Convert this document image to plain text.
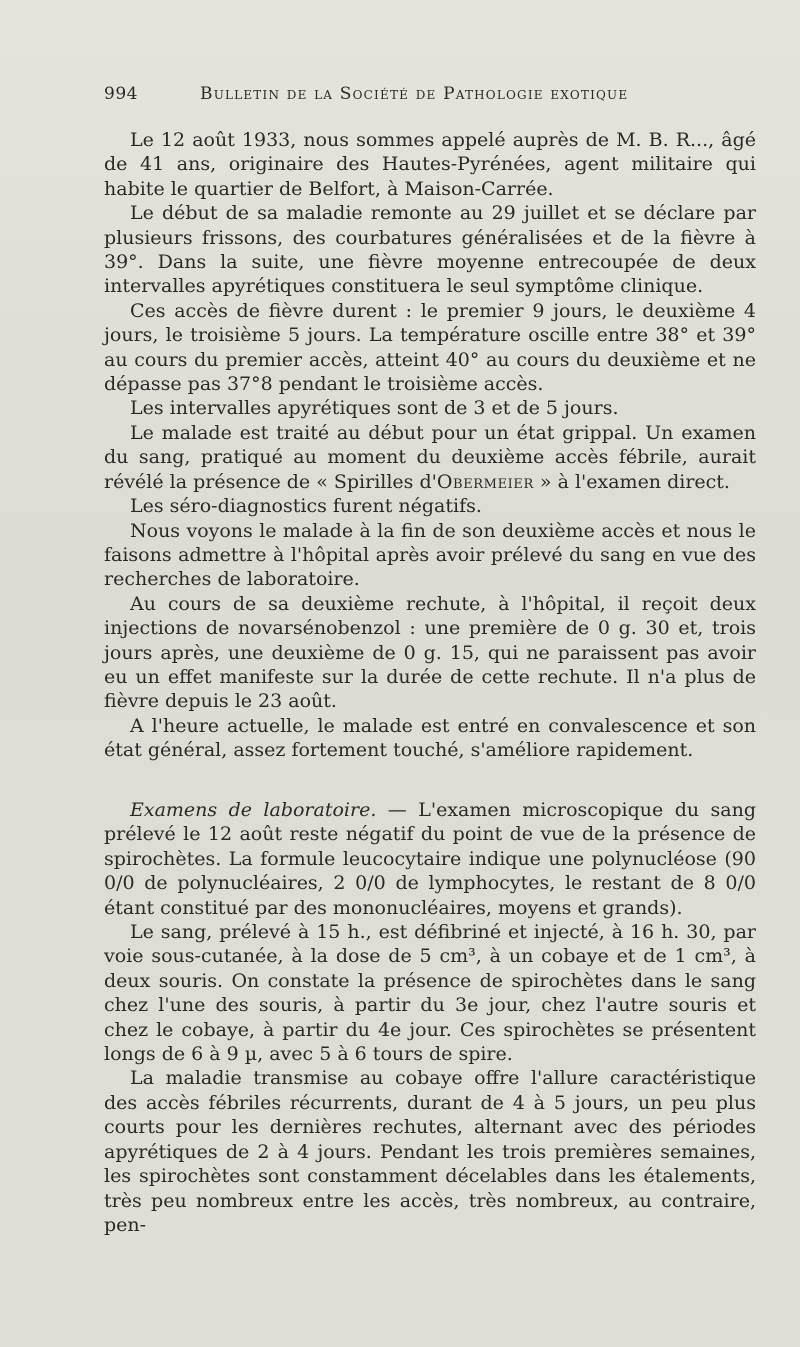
994	Bulletin de la Société de Pathologie exotique

Le 12 août 1933, nous sommes appelé auprès de M. B. R..., âgé de 41 ans, originaire des Hautes-Pyrénées, agent militaire qui habite le quartier de Belfort, à Maison-Carrée.

Le début de sa maladie remonte au 29 juillet et se déclare par plusieurs frissons, des courbatures généralisées et de la fièvre à 39°. Dans la suite, une fièvre moyenne entrecoupée de deux intervalles apyrétiques constituera le seul symptôme clinique.

Ces accès de fièvre durent : le premier 9 jours, le deuxième 4 jours, le troisième 5 jours. La température oscille entre 38° et 39° au cours du premier accès, atteint 40° au cours du deuxième et ne dépasse pas 37°8 pendant le troisième accès.

Les intervalles apyrétiques sont de 3 et de 5 jours.

Le malade est traité au début pour un état grippal. Un examen du sang, pratiqué au moment du deuxième accès fébrile, aurait révélé la présence de « Spirilles d'Obermeier » à l'examen direct.

Les séro-diagnostics furent négatifs.

Nous voyons le malade à la fin de son deuxième accès et nous le faisons admettre à l'hôpital après avoir prélevé du sang en vue des recherches de laboratoire.

Au cours de sa deuxième rechute, à l'hôpital, il reçoit deux injections de novarsénobenzol : une première de 0 g. 30 et, trois jours après, une deuxième de 0 g. 15, qui ne paraissent pas avoir eu un effet manifeste sur la durée de cette rechute. Il n'a plus de fièvre depuis le 23 août.

A l'heure actuelle, le malade est entré en convalescence et son état général, assez fortement touché, s'améliore rapidement.

Examens de laboratoire. — L'examen microscopique du sang prélevé le 12 août reste négatif du point de vue de la présence de spirochètes. La formule leucocytaire indique une polynucléose (90 0/0 de polynucléaires, 2 0/0 de lymphocytes, le restant de 8 0/0 étant constitué par des mononucléaires, moyens et grands).

Le sang, prélevé à 15 h., est défibriné et injecté, à 16 h. 30, par voie sous-cutanée, à la dose de 5 cm³, à un cobaye et de 1 cm³, à deux souris. On constate la présence de spirochètes dans le sang chez l'une des souris, à partir du 3e jour, chez l'autre souris et chez le cobaye, à partir du 4e jour. Ces spirochètes se présentent longs de 6 à 9 µ, avec 5 à 6 tours de spire.

La maladie transmise au cobaye offre l'allure caractéristique des accès fébriles récurrents, durant de 4 à 5 jours, un peu plus courts pour les dernières rechutes, alternant avec des périodes apyrétiques de 2 à 4 jours. Pendant les trois premières semaines, les spirochètes sont constamment décelables dans les étalements, très peu nombreux entre les accès, très nombreux, au contraire, pen-
